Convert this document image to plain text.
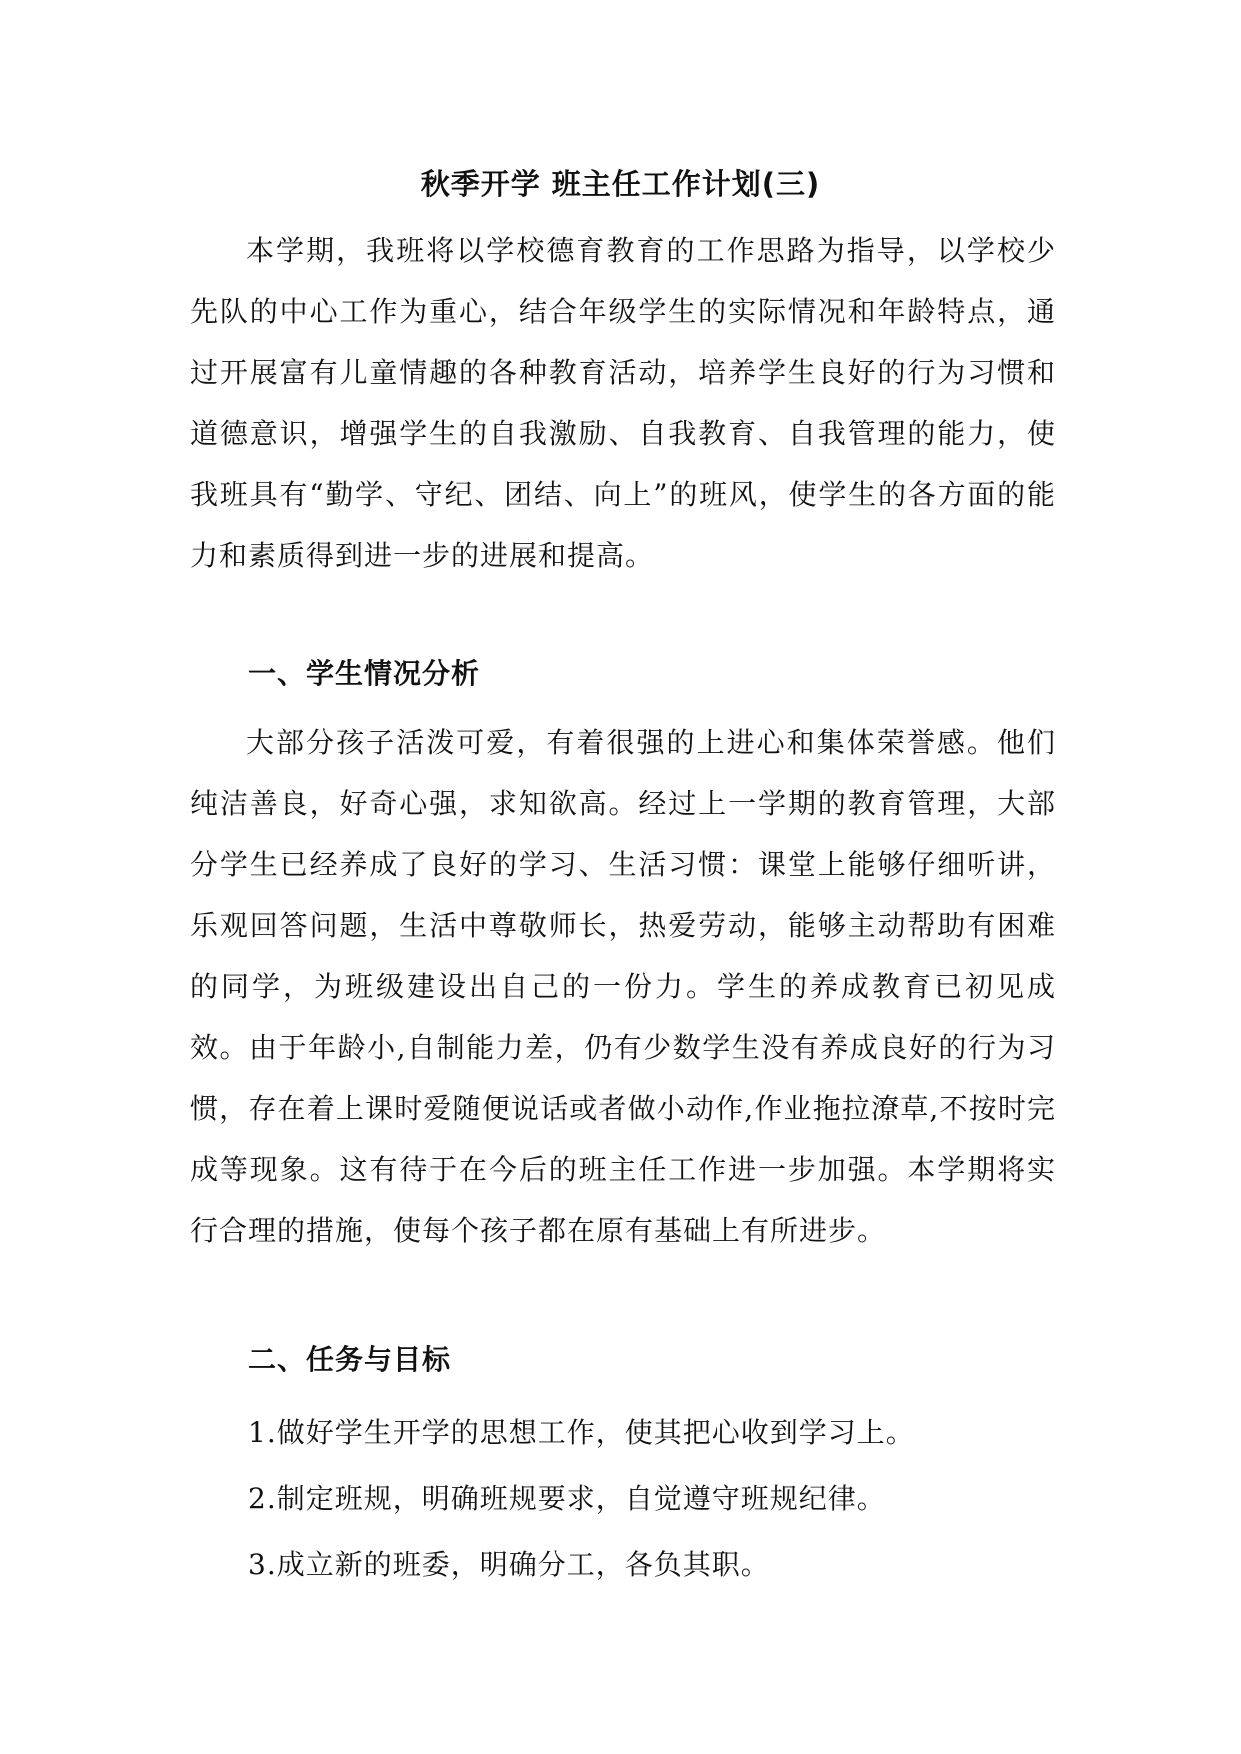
秋季开学 班主任工作计划(三)

本学期，我班将以学校德育教育的工作思路为指导，以学校少先队的中心工作为重心，结合年级学生的实际情况和年龄特点，通过开展富有儿童情趣的各种教育活动，培养学生良好的行为习惯和道德意识，增强学生的自我激励、自我教育、自我管理的能力，使我班具有“勤学、守纪、团结、向上”的班风，使学生的各方面的能力和素质得到进一步的进展和提高。

一、学生情况分析

大部分孩子活泼可爱，有着很强的上进心和集体荣誉感。他们纯洁善良，好奇心强，求知欲高。经过上一学期的教育管理，大部分学生已经养成了良好的学习、生活习惯：课堂上能够仔细听讲，乐观回答问题，生活中尊敬师长，热爱劳动，能够主动帮助有困难的同学，为班级建设出自己的一份力。学生的养成教育已初见成效。由于年龄小,自制能力差，仍有少数学生没有养成良好的行为习惯，存在着上课时爱随便说话或者做小动作,作业拖拉潦草,不按时完成等现象。这有待于在今后的班主任工作进一步加强。本学期将实行合理的措施，使每个孩子都在原有基础上有所进步。

二、任务与目标
1.做好学生开学的思想工作，使其把心收到学习上。
2.制定班规，明确班规要求，自觉遵守班规纪律。
3.成立新的班委，明确分工，各负其职。
